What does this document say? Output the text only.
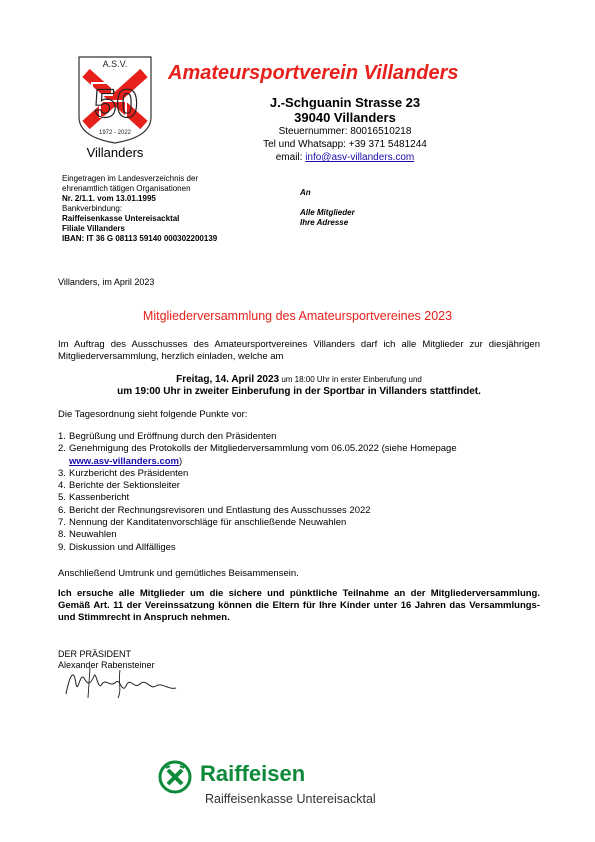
A.S.V.
5 0
1972 - 2022
Villanders
Amateursportverein Villanders
J.-Schguanin Strasse 23
39040 Villanders
Steuernummer: 80016510218
Tel und Whatsapp: +39 371 5481244
email: info@asv-villanders.com
Eingetragen im Landesverzeichnis der
ehrenamtlich tätigen Organisationen
Nr. 2/1.1. vom 13.01.1995
Bankverbindung:
Raiffeisenkasse Untereisacktal
Filiale Villanders
IBAN: IT 36 G 08113 59140 000302200139
An
Alle Mitglieder
Ihre Adresse
Villanders, im April 2023
Mitgliederversammlung des Amateursportvereines 2023
Im Auftrag des Ausschusses des Amateursportvereines Villanders darf ich alle Mitglieder zur diesjährigen Mitgliederversammlung, herzlich einladen, welche am
Freitag, 14. April 2023 um 18:00 Uhr in erster Einberufung und
um 19:00 Uhr in zweiter Einberufung in der Sportbar in Villanders stattfindet.
Die Tagesordnung sieht folgende Punkte vor:
1. Begrüßung und Eröffnung durch den Präsidenten
2. Genehmigung des Protokolls der Mitgliederversammlung vom 06.05.2022 (siehe Homepage
www.asv-villanders.com)
3. Kurzbericht des Präsidenten
4. Berichte der Sektionsleiter
5. Kassenbericht
6. Bericht der Rechnungsrevisoren und Entlastung des Ausschusses 2022
7. Nennung der Kanditatenvorschläge für anschließende Neuwahlen
8. Neuwahlen
9. Diskussion und Allfälliges
Anschließend Umtrunk und gemütliches Beisammensein.
Ich ersuche alle Mitglieder um die sichere und pünktliche Teilnahme an der Mitgliederversammlung. Gemäß Art. 11 der Vereinssatzung können die Eltern für Ihre Kinder unter 16 Jahren das Versammlungs- und Stimmrecht in Anspruch nehmen.
DER PRÄSIDENT
Alexander Rabensteiner
Raiffeisen
Raiffeisenkasse Untereisacktal
